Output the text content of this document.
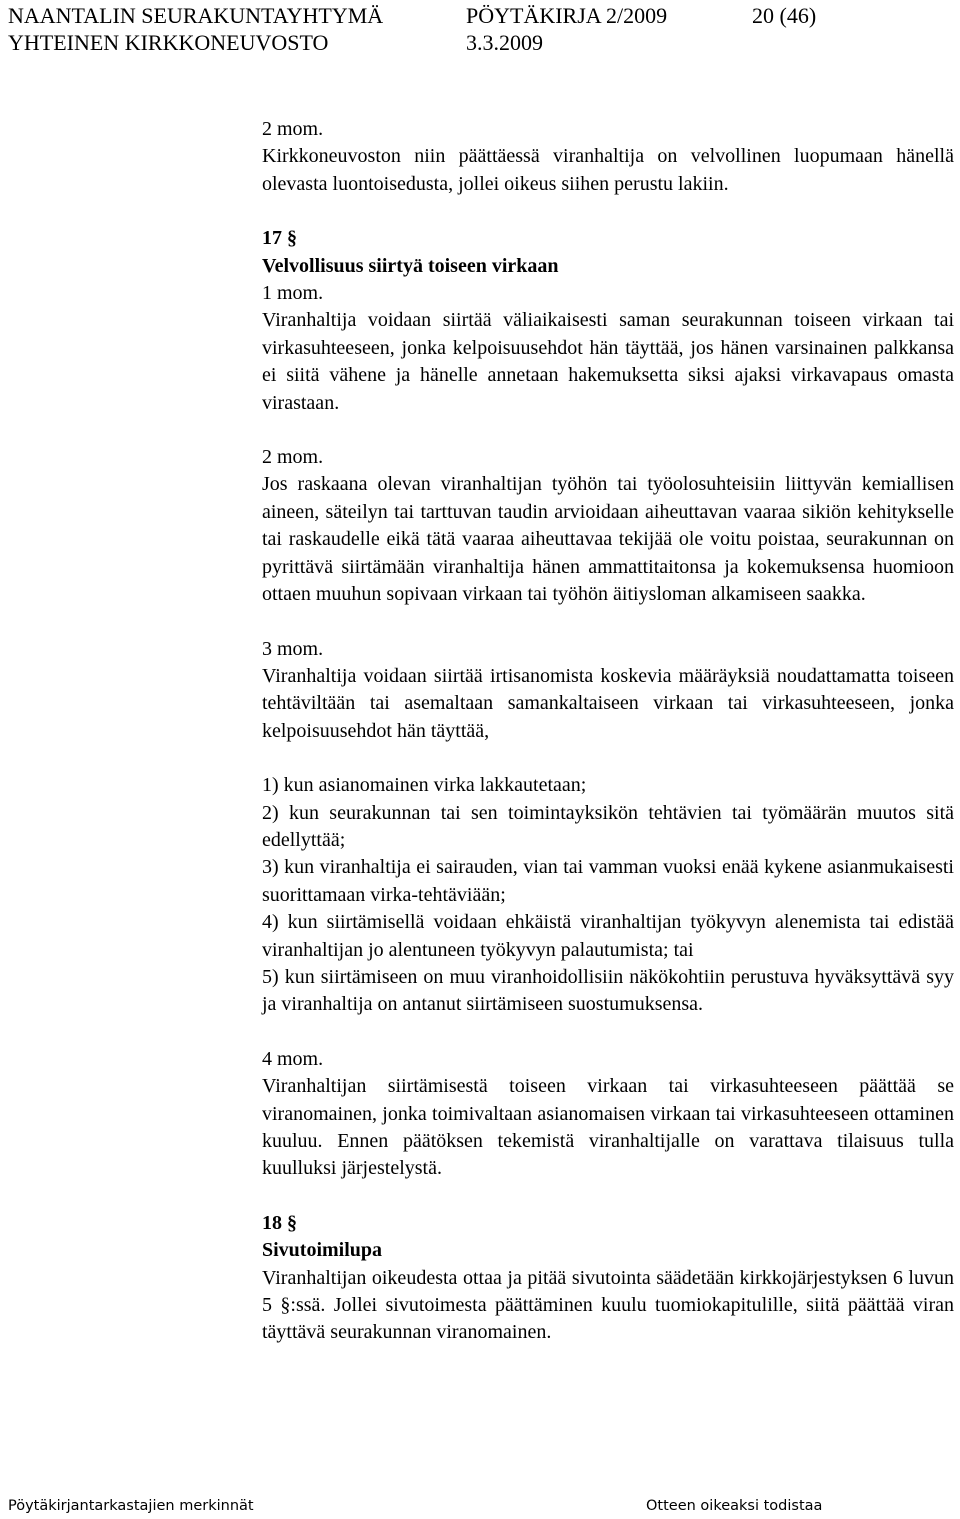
NAANTALIN SEURAKUNTAYHTYMÄ	PÖYTÄKIRJA 2/2009	20 (46)
YHTEINEN KIRKKONEUVOSTO	3.3.2009

2 mom.

Kirkkoneuvoston niin päättäessä viranhaltija on velvollinen luopumaan hänellä olevasta luontoisedusta, jollei oikeus siihen perustu lakiin.

17 §

Velvollisuus siirtyä toiseen virkaan

1 mom.

Viranhaltija voidaan siirtää väliaikaisesti saman seurakunnan toiseen virkaan tai virkasuhteeseen, jonka kelpoisuusehdot hän täyttää, jos hänen varsinainen palkkansa ei siitä vähene ja hänelle annetaan hakemuksetta siksi ajaksi virkavapaus omasta virastaan.

2 mom.

Jos raskaana olevan viranhaltijan työhön tai työolosuhteisiin liittyvän kemiallisen aineen, säteilyn tai tarttuvan taudin arvioidaan aiheuttavan vaaraa sikiön kehitykselle tai raskaudelle eikä tätä vaaraa aiheuttavaa tekijää ole voitu poistaa, seurakunnan on pyrittävä siirtämään viranhaltija hänen ammattitaitonsa ja kokemuksensa huomioon ottaen muuhun sopivaan virkaan tai työhön äitiysloman alkamiseen saakka.

3 mom.

Viranhaltija voidaan siirtää irtisanomista koskevia määräyksiä noudattamatta toiseen tehtäviltään tai asemaltaan samankaltaiseen virkaan tai virkasuhteeseen, jonka kelpoisuusehdot hän täyttää,

1) kun asianomainen virka lakkautetaan;

2) kun seurakunnan tai sen toimintayksikön tehtävien tai työmäärän muutos sitä edellyttää;

3) kun viranhaltija ei sairauden, vian tai vamman vuoksi enää kykene asianmukaisesti suorittamaan virka-tehtäviään;

4) kun siirtämisellä voidaan ehkäistä viranhaltijan työkyvyn alenemista tai edistää viranhaltijan jo alentuneen työkyvyn palautumista; tai

5) kun siirtämiseen on muu viranhoidollisiin näkökohtiin perustuva hyväksyttävä syy ja viranhaltija on antanut siirtämiseen suostumuksensa.

4 mom.

Viranhaltijan siirtämisestä toiseen virkaan tai virkasuhteeseen päättää se viranomainen, jonka toimivaltaan asianomaisen virkaan tai virkasuhteeseen ottaminen kuuluu. Ennen päätöksen tekemistä viranhaltijalle on varattava tilaisuus tulla kuulluksi järjestelystä.

18 §

Sivutoimilupa

Viranhaltijan oikeudesta ottaa ja pitää sivutointa säädetään kirkkojärjestyksen 6 luvun 5 §:ssä. Jollei sivutoimesta päättäminen kuulu tuomiokapitulille, siitä päättää viran täyttävä seurakunnan viranomainen.

Pöytäkirjantarkastajien merkinnät	Otteen oikeaksi todistaa
